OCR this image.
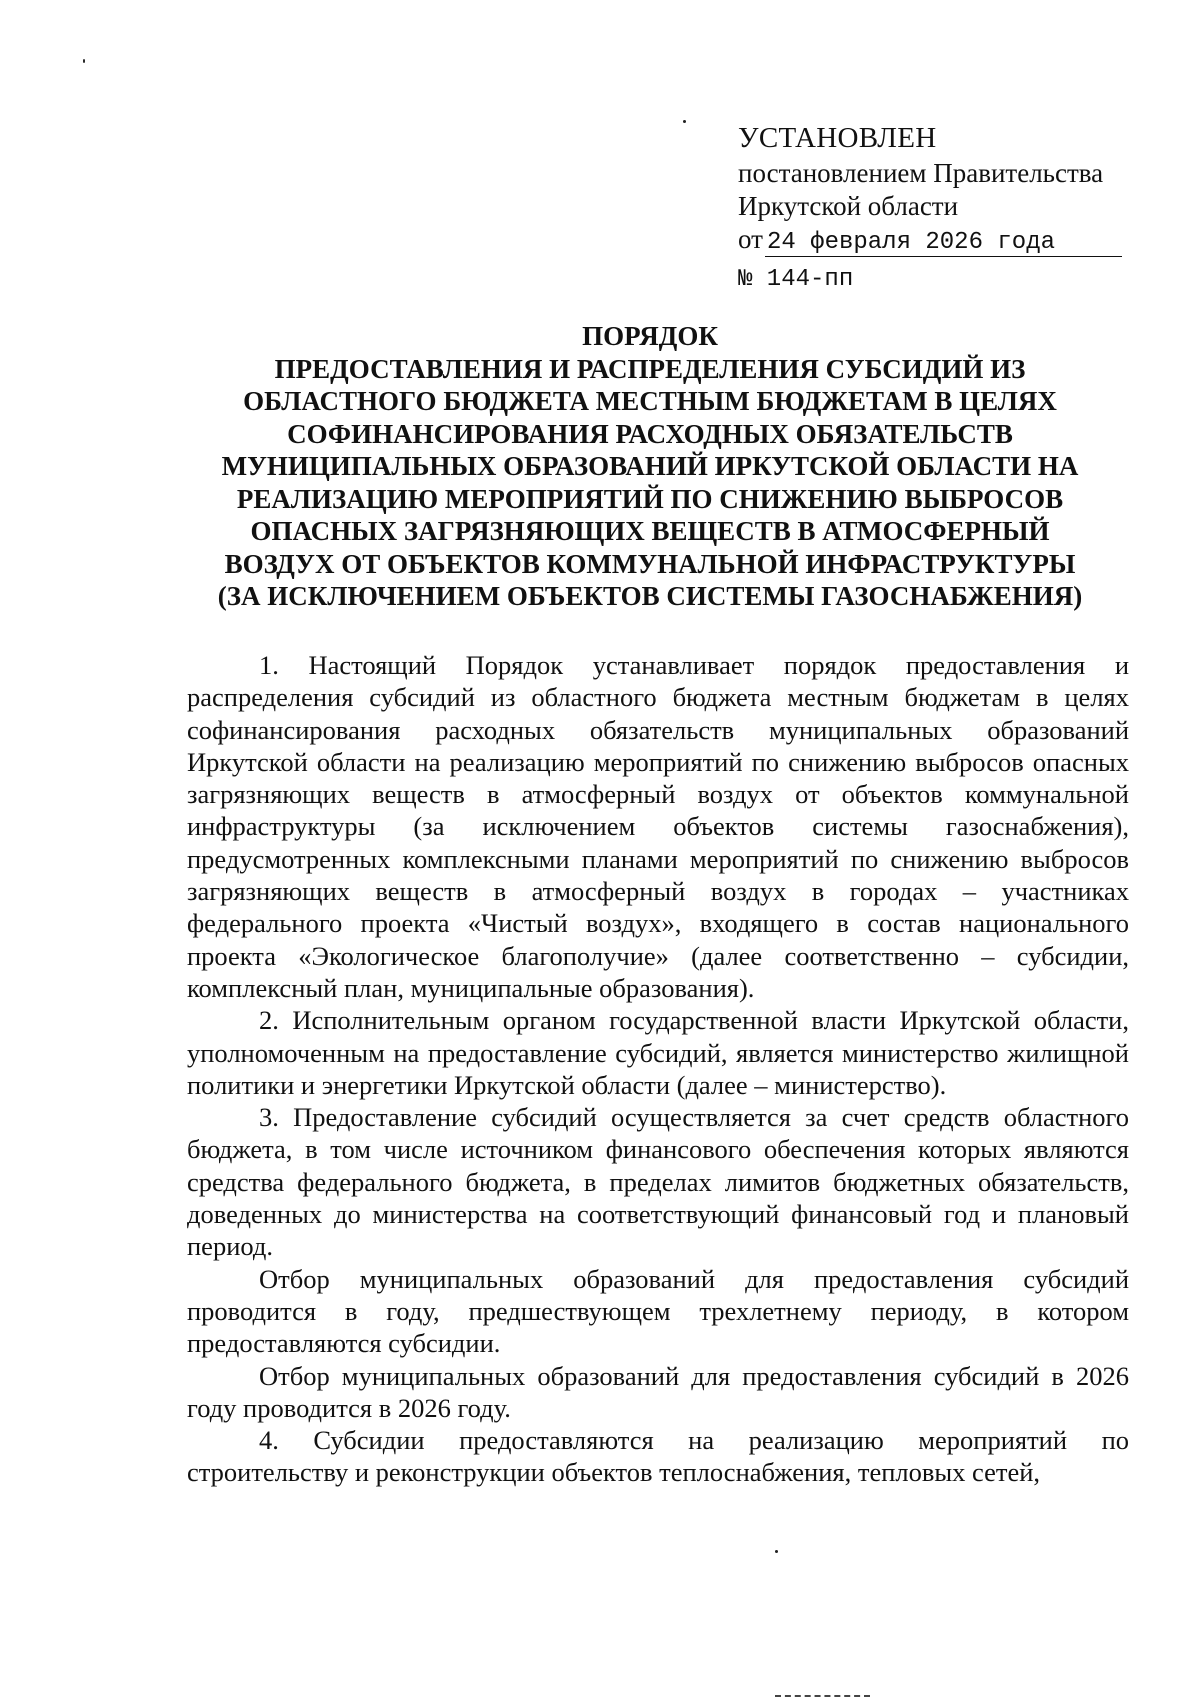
УСТАНОВЛЕН
постановлением Правительства
Иркутской области
от 24 февраля 2026 года
№ 144-пп
ПОРЯДОК
ПРЕДОСТАВЛЕНИЯ И РАСПРЕДЕЛЕНИЯ СУБСИДИЙ ИЗ
ОБЛАСТНОГО БЮДЖЕТА МЕСТНЫМ БЮДЖЕТАМ В ЦЕЛЯХ
СОФИНАНСИРОВАНИЯ РАСХОДНЫХ ОБЯЗАТЕЛЬСТВ
МУНИЦИПАЛЬНЫХ ОБРАЗОВАНИЙ ИРКУТСКОЙ ОБЛАСТИ НА
РЕАЛИЗАЦИЮ МЕРОПРИЯТИЙ ПО СНИЖЕНИЮ ВЫБРОСОВ
ОПАСНЫХ ЗАГРЯЗНЯЮЩИХ ВЕЩЕСТВ В АТМОСФЕРНЫЙ
ВОЗДУХ ОТ ОБЪЕКТОВ КОММУНАЛЬНОЙ ИНФРАСТРУКТУРЫ
(ЗА ИСКЛЮЧЕНИЕМ ОБЪЕКТОВ СИСТЕМЫ ГАЗОСНАБЖЕНИЯ)

1. Настоящий Порядок устанавливает порядок предоставления и распределения субсидий из областного бюджета местным бюджетам в целях софинансирования расходных обязательств муниципальных образований Иркутской области на реализацию мероприятий по снижению выбросов опасных загрязняющих веществ в атмосферный воздух от объектов коммунальной инфраструктуры (за исключением объектов системы газоснабжения), предусмотренных комплексными планами мероприятий по снижению выбросов загрязняющих веществ в атмосферный воздух в городах – участниках федерального проекта «Чистый воздух», входящего в состав национального проекта «Экологическое благополучие» (далее соответственно – субсидии, комплексный план, муниципальные образования).

2. Исполнительным органом государственной власти Иркутской области, уполномоченным на предоставление субсидий, является министерство жилищной политики и энергетики Иркутской области (далее – министерство).

3. Предоставление субсидий осуществляется за счет средств областного бюджета, в том числе источником финансового обеспечения которых являются средства федерального бюджета, в пределах лимитов бюджетных обязательств, доведенных до министерства на соответствующий финансовый год и плановый период.

Отбор муниципальных образований для предоставления субсидий проводится в году, предшествующем трехлетнему периоду, в котором предоставляются субсидии.

Отбор муниципальных образований для предоставления субсидий в 2026 году проводится в 2026 году.

4. Субсидии предоставляются на реализацию мероприятий по строительству и реконструкции объектов теплоснабжения, тепловых сетей,
